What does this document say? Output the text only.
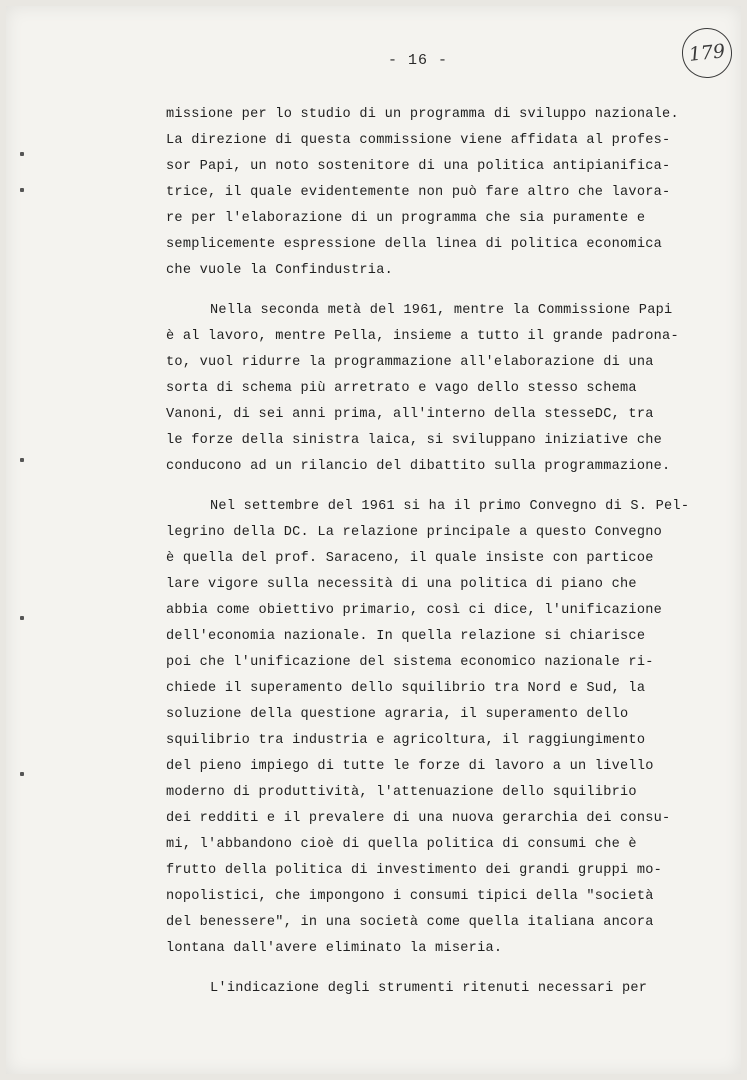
- 16 -	179

missione per lo studio di un programma di sviluppo nazionale.
La direzione di questa commissione viene affidata al profes-
sor Papi, un noto sostenitore di una politica antipianifica-
trice, il quale evidentemente non può fare altro che lavora-
re per l'elaborazione di un programma che sia puramente e
semplicemente espressione della linea di politica economica
che vuole la Confindustria.

Nella seconda metà del 1961, mentre la Commissione Papi
è al lavoro, mentre Pella, insieme a tutto il grande padrona-
to, vuol ridurre la programmazione all'elaborazione di una
sorta di schema più arretrato e vago dello stesso schema
Vanoni, di sei anni prima, all'interno della stesseDC, tra
le forze della sinistra laica, si sviluppano iniziative che
conducono ad un rilancio del dibattito sulla programmazione.

Nel settembre del 1961 si ha il primo Convegno di S. Pel-
legrino della DC. La relazione principale a questo Convegno
è quella del prof. Saraceno, il quale insiste con particoe
lare vigore sulla necessità di una politica di piano che
abbia come obiettivo primario, così ci dice, l'unificazione
dell'economia nazionale. In quella relazione si chiarisce
poi che l'unificazione del sistema economico nazionale ri-
chiede il superamento dello squilibrio tra Nord e Sud, la
soluzione della questione agraria, il superamento dello
squilibrio tra industria e agricoltura, il raggiungimento
del pieno impiego di tutte le forze di lavoro a un livello
moderno di produttività, l'attenuazione dello squilibrio
dei redditi e il prevalere di una nuova gerarchia dei consu-
mi, l'abbandono cioè di quella politica di consumi che è
frutto della politica di investimento dei grandi gruppi mo-
nopolistici, che impongono i consumi tipici della "società
del benessere", in una società come quella italiana ancora
lontana dall'avere eliminato la miseria.

L'indicazione degli strumenti ritenuti necessari per
